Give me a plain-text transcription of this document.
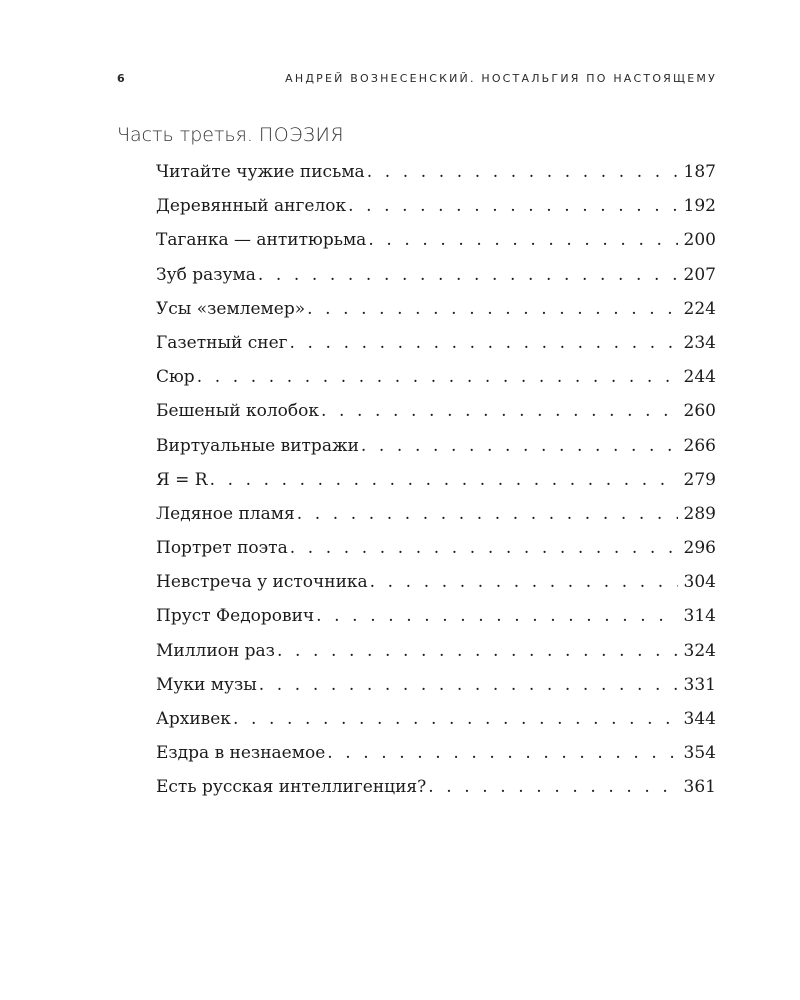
6	АНДРЕЙ ВОЗНЕСЕНСКИЙ. НОСТАЛЬГИЯ ПО НАСТОЯЩЕМУ
Часть третья. ПОЭЗИЯ
Читайте чужие письма . . .	187
Деревянный ангелок . . .	192
Таганка — антитюрьма . . .	200
Зуб разума . . .	207
Усы «землемер» . . .	224
Газетный снег . . .	234
Сюр . . .	244
Бешеный колобок . . .	260
Виртуальные витражи . . .	266
Я = R . . .	279
Ледяное пламя . . .	289
Портрет поэта . . .	296
Невстреча у источника . . .	304
Пруст Федорович . . .	314
Миллион раз . . .	324
Муки музы . . .	331
Архивек . . .	344
Ездра в незнаемое . . .	354
Есть русская интеллигенция? . . .	361
